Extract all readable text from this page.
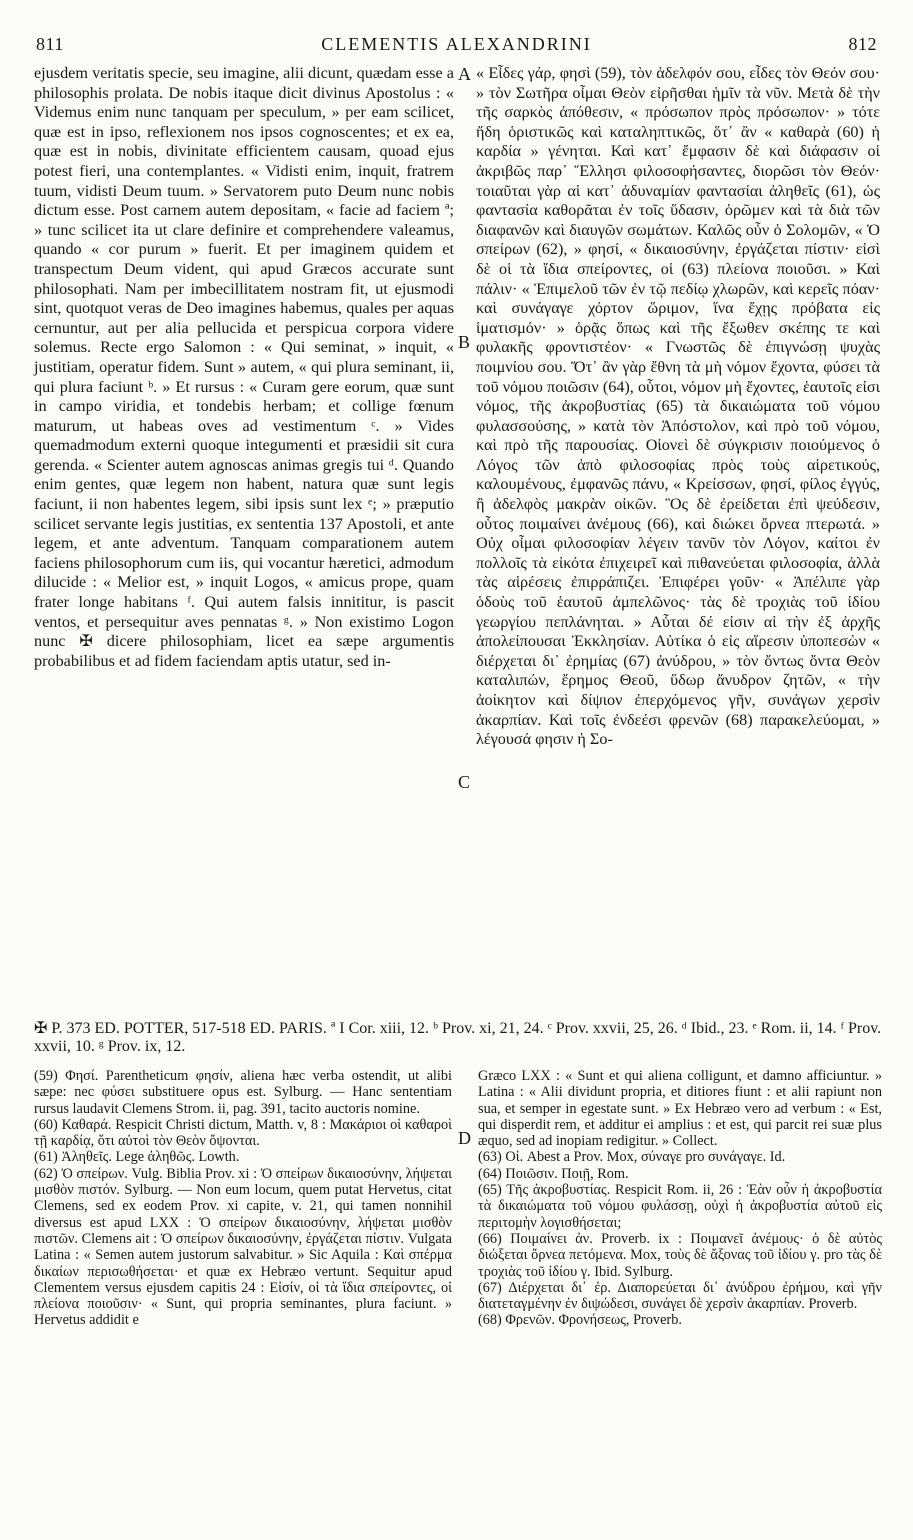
811	CLEMENTIS ALEXANDRINI	812

ejusdem veritatis specie, seu imagine, alii dicunt, quædam esse a philosophis prolata. De nobis itaque dicit divinus Apostolus : « Videmus enim nunc tanquam per speculum, » per eam scilicet, quæ est in ipso, reflexionem nos ipsos cognoscentes; et ex ea, quæ est in nobis, divinitate efficientem causam, quoad ejus potest fieri, una contemplantes. « Vidisti enim, inquit, fratrem tuum, vidisti Deum tuum. » Servatorem puto Deum nunc nobis dictum esse. Post carnem autem depositam, « facie ad faciem ª; » tunc scilicet ita ut clare definire et comprehendere valeamus, quando « cor purum » fuerit. Et per imaginem quidem et transpectum Deum vident, qui apud Græcos accurate sunt philosophati. Nam per imbecillitatem nostram fit, ut ejusmodi sint, quotquot veras de Deo imagines habemus, quales per aquas cernuntur, aut per alia pellucida et perspicua corpora videre solemus. Recte ergo Salomon : « Qui seminat, » inquit, « justitiam, operatur fidem. Sunt » autem, « qui plura seminant, ii, qui plura faciunt ᵇ. » Et rursus : « Curam gere eorum, quæ sunt in campo viridia, et tondebis herbam; et collige fœnum maturum, ut habeas oves ad vestimentum ᶜ. » Vides quemadmodum externi quoque integumenti et præsidii sit cura gerenda. « Scienter autem agnoscas animas gregis tui ᵈ. Quando enim gentes, quæ legem non habent, natura quæ sunt legis faciunt, ii non habentes legem, sibi ipsis sunt lex ᵉ; » præputio scilicet servante legis justitias, ex sententia 137 Apostoli, et ante legem, et ante adventum. Tanquam comparationem autem faciens philosophorum cum iis, qui vocantur hæretici, admodum dilucide : « Melior est, » inquit Logos, « amicus prope, quam frater longe habitans ᶠ. Qui autem falsis innititur, is pascit ventos, et persequitur aves pennatas ᵍ. » Non existimo Logon nunc ✠ dicere philosophiam, licet ea sæpe argumentis probabilibus et ad fidem faciendam aptis utatur, sed in-

A
B
C
D

« Εἶδες γάρ, φησὶ (59), τὸν ἀδελφόν σου, εἶδες τὸν Θεόν σου· » τὸν Σωτῆρα οἶμαι Θεὸν εἰρῆσθαι ἡμῖν τὰ νῦν. Μετὰ δὲ τὴν τῆς σαρκὸς ἀπόθεσιν, « πρόσωπον πρὸς πρόσωπον· » τότε ἤδη ὁριστικῶς καὶ καταληπτικῶς, ὅτ᾽ ἂν « καθαρὰ (60) ἡ καρδία » γένηται. Καὶ κατ᾽ ἔμφασιν δὲ καὶ διάφασιν οἱ ἀκριβῶς παρ᾽ Ἕλλησι φιλοσοφήσαντες, διορῶσι τὸν Θεόν· τοιαῦται γὰρ αἱ κατ᾽ ἀδυναμίαν φαντασίαι ἀληθεῖς (61), ὡς φαντασία καθορᾶται ἐν τοῖς ὕδασιν, ὁρῶμεν καὶ τὰ διὰ τῶν διαφανῶν καὶ διαυγῶν σωμάτων. Καλῶς οὖν ὁ Σολομῶν, « Ὁ σπείρων (62), » φησί, « δικαιοσύνην, ἐργάζεται πίστιν· εἰσὶ δὲ οἱ τὰ ἴδια σπείροντες, οἱ (63) πλείονα ποιοῦσι. » Καὶ πάλιν· « Ἐπιμελοῦ τῶν ἐν τῷ πεδίῳ χλωρῶν, καὶ κερεῖς πόαν· καὶ συνάγαγε χόρτον ὥριμον, ἵνα ἔχῃς πρόβατα εἰς ἱματισμόν· » ὁρᾷς ὅπως καὶ τῆς ἔξωθεν σκέπης τε καὶ φυλακῆς φροντιστέον· « Γνωστῶς δὲ ἐπιγνώσῃ ψυχὰς ποιμνίου σου. Ὅτ᾽ ἂν γὰρ ἔθνη τὰ μὴ νόμον ἔχοντα, φύσει τὰ τοῦ νόμου ποιῶσιν (64), οὗτοι, νόμον μὴ ἔχοντες, ἑαυτοῖς εἰσι νόμος, τῆς ἀκροβυστίας (65) τὰ δικαιώματα τοῦ νόμου φυλασσούσης, » κατὰ τὸν Ἀπόστολον, καὶ πρὸ τοῦ νόμου, καὶ πρὸ τῆς παρουσίας. Οἱονεὶ δὲ σύγκρισιν ποιούμενος ὁ Λόγος τῶν ἀπὸ φιλοσοφίας πρὸς τοὺς αἱρετικούς, καλουμένους, ἐμφανῶς πάνυ, « Κρείσσων, φησί, φίλος ἐγγύς, ἢ ἀδελφὸς μακρὰν οἰκῶν. Ὃς δὲ ἐρείδεται ἐπὶ ψεύδεσιν, οὗτος ποιμαίνει ἀνέμους (66), καὶ διώκει ὄρνεα πτερωτά. » Οὐχ οἶμαι φιλοσοφίαν λέγειν τανῦν τὸν Λόγον, καίτοι ἐν πολλοῖς τὰ εἰκότα ἐπιχειρεῖ καὶ πιθανεύεται φιλοσοφία, ἀλλὰ τὰς αἱρέσεις ἐπιρράπιζει. Ἐπιφέρει γοῦν· « Ἀπέλιπε γὰρ ὁδοὺς τοῦ ἑαυτοῦ ἀμπελῶνος· τὰς δὲ τροχιὰς τοῦ ἰδίου γεωργίου πεπλάνηται. » Αὗται δέ εἰσιν αἱ τὴν ἐξ ἀρχῆς ἀπολείπουσαι Ἐκκλησίαν. Αὐτίκα ὁ εἰς αἵρεσιν ὑποπεσὼν « διέρχεται δι᾽ ἐρημίας (67) ἀνύδρου, » τὸν ὄντως ὄντα Θεὸν καταλιπών, ἔρημος Θεοῦ, ὕδωρ ἄνυδρον ζητῶν, « τὴν ἀοίκητον καὶ δίψιον ἐπερχόμενος γῆν, συνάγων χερσὶν ἀκαρπίαν. Καὶ τοῖς ἐνδεέσι φρενῶν (68) παρακελεύομαι, » λέγουσά φησιν ἡ Σο-

✠ P. 373 ED. POTTER, 517-518 ED. PARIS. ª I Cor. xiii, 12. ᵇ Prov. xi, 21, 24. ᶜ Prov. xxvii, 25, 26. ᵈ Ibid., 23. ᵉ Rom. ii, 14. ᶠ Prov. xxvii, 10. ᵍ Prov. ix, 12.

(59) Φησί. Parentheticum φησίν, aliena hæc verba ostendit, ut alibi sæpe: nec φύσει substituere opus est. Sylburg. — Hanc sententiam rursus laudavit Clemens Strom. ii, pag. 391, tacito auctoris nomine.

(60) Καθαρά. Respicit Christi dictum, Matth. v, 8 : Μακάριοι οἱ καθαροὶ τῇ καρδίᾳ, ὅτι αὐτοὶ τὸν Θεὸν ὄψονται.

(61) Ἀληθεῖς. Lege ἀληθῶς. Lowth.

(62) Ὁ σπείρων. Vulg. Biblia Prov. xi : Ὁ σπείρων δικαιοσύνην, λήψεται μισθὸν πιστόν. Sylburg. — Non eum locum, quem putat Hervetus, citat Clemens, sed ex eodem Prov. xi capite, v. 21, qui tamen nonnihil diversus est apud LXX : Ὁ σπείρων δικαιοσύνην, λήψεται μισθὸν πιστῶν. Clemens ait : Ὁ σπείρων δικαιοσύνην, ἐργάζεται πίστιν. Vulgata Latina : « Semen autem justorum salvabitur. » Sic Aquila : Καὶ σπέρμα δικαίων περισωθήσεται· et quæ ex Hebræo vertunt. Sequitur apud Clementem versus ejusdem capitis 24 : Εἰσίν, οἱ τὰ ἴδια σπείροντες, οἱ πλείονα ποιοῦσιν· « Sunt, qui propria seminantes, plura faciunt. » Hervetus addidit e

Græco LXX : « Sunt et qui aliena colligunt, et damno afficiuntur. » Latina : « Alii dividunt propria, et ditiores fiunt : et alii rapiunt non sua, et semper in egestate sunt. » Ex Hebræo vero ad verbum : « Est, qui disperdit rem, et additur ei amplius : et est, qui parcit rei suæ plus æquo, sed ad inopiam redigitur. » Collect.

(63) Οἱ. Abest a Prov. Mox, σύναγε pro συνάγαγε. Id.

(64) Ποιῶσιν. Ποιῇ, Rom.

(65) Τῆς ἀκροβυστίας. Respicit Rom. ii, 26 : Ἐὰν οὖν ἡ ἀκροβυστία τὰ δικαιώματα τοῦ νόμου φυλάσσῃ, οὐχὶ ἡ ἀκροβυστία αὐτοῦ εἰς περιτομὴν λογισθήσεται;

(66) Ποιμαίνει ἀν. Proverb. ix : Ποιμανεῖ ἀνέμους· ὁ δὲ αὐτὸς διώξεται ὄρνεα πετόμενα. Mox, τοὺς δὲ ἄξονας τοῦ ἰδίου γ. pro τὰς δὲ τροχιὰς τοῦ ἰδίου γ. Ibid. Sylburg.

(67) Διέρχεται δι᾽ ἐρ. Διαπορεύεται δι᾽ ἀνύδρου ἐρήμου, καὶ γῆν διατεταγμένην ἐν διψώδεσι, συνάγει δὲ χερσὶν ἀκαρπίαν. Proverb.

(68) Φρενῶν. Φρονήσεως, Proverb.
